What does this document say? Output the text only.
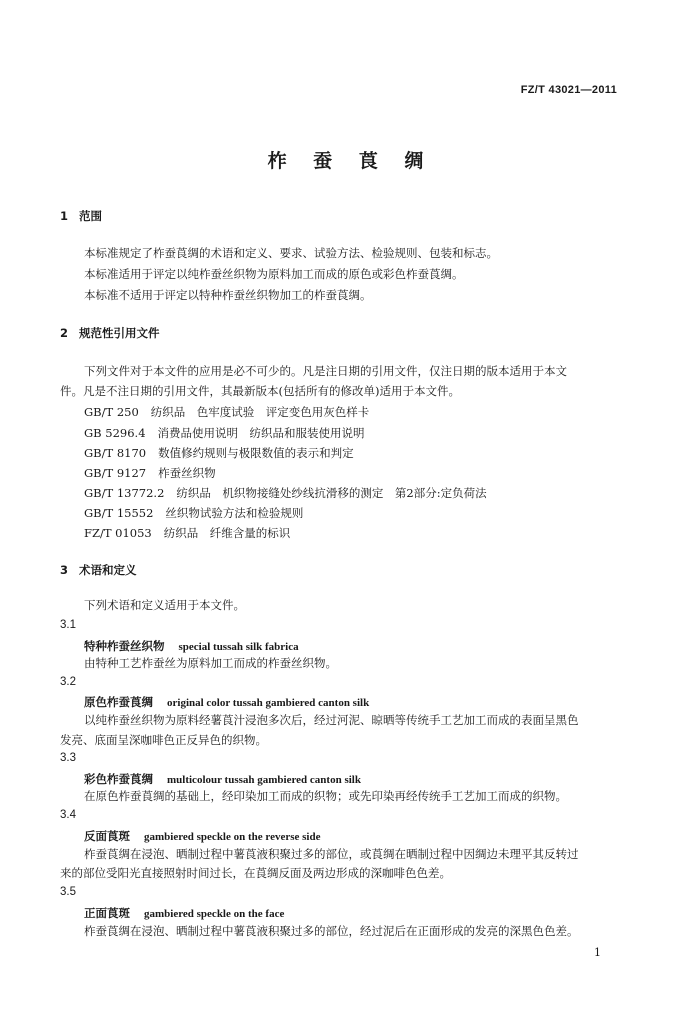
FZ/T 43021—2011
柞 蚕 莨 绸
1 范围
本标准规定了柞蚕莨绸的术语和定义、要求、试验方法、检验规则、包装和标志。
本标准适用于评定以纯柞蚕丝织物为原料加工而成的原色或彩色柞蚕莨绸。
本标准不适用于评定以特种柞蚕丝织物加工的柞蚕莨绸。
2 规范性引用文件
下列文件对于本文件的应用是必不可少的。凡是注日期的引用文件，仅注日期的版本适用于本文
件。凡是不注日期的引用文件，其最新版本(包括所有的修改单)适用于本文件。
GB/T 250 纺织品　色牢度试验　评定变色用灰色样卡
GB 5296.4 消费品使用说明　纺织品和服装使用说明
GB/T 8170 数值修约规则与极限数值的表示和判定
GB/T 9127 柞蚕丝织物
GB/T 13772.2 纺织品　机织物接缝处纱线抗滑移的测定　第2部分:定负荷法
GB/T 15552 丝织物试验方法和检验规则
FZ/T 01053 纺织品　纤维含量的标识
3 术语和定义
下列术语和定义适用于本文件。
3.1
特种柞蚕丝织物 special tussah silk fabrica
由特种工艺柞蚕丝为原料加工而成的柞蚕丝织物。
3.2
原色柞蚕莨绸 original color tussah gambiered canton silk
以纯柞蚕丝织物为原料经薯莨汁浸泡多次后，经过河泥、晾晒等传统手工艺加工而成的表面呈黑色
发亮、底面呈深咖啡色正反异色的织物。
3.3
彩色柞蚕莨绸 multicolour tussah gambiered canton silk
在原色柞蚕莨绸的基础上，经印染加工而成的织物；或先印染再经传统手工艺加工而成的织物。
3.4
反面莨斑 gambiered speckle on the reverse side
柞蚕莨绸在浸泡、晒制过程中薯莨液积聚过多的部位，或莨绸在晒制过程中因绸边未理平其反转过
来的部位受阳光直接照射时间过长，在莨绸反面及两边形成的深咖啡色色差。
3.5
正面莨斑 gambiered speckle on the face
柞蚕莨绸在浸泡、晒制过程中薯莨液积聚过多的部位，经过泥后在正面形成的发亮的深黑色色差。
1
